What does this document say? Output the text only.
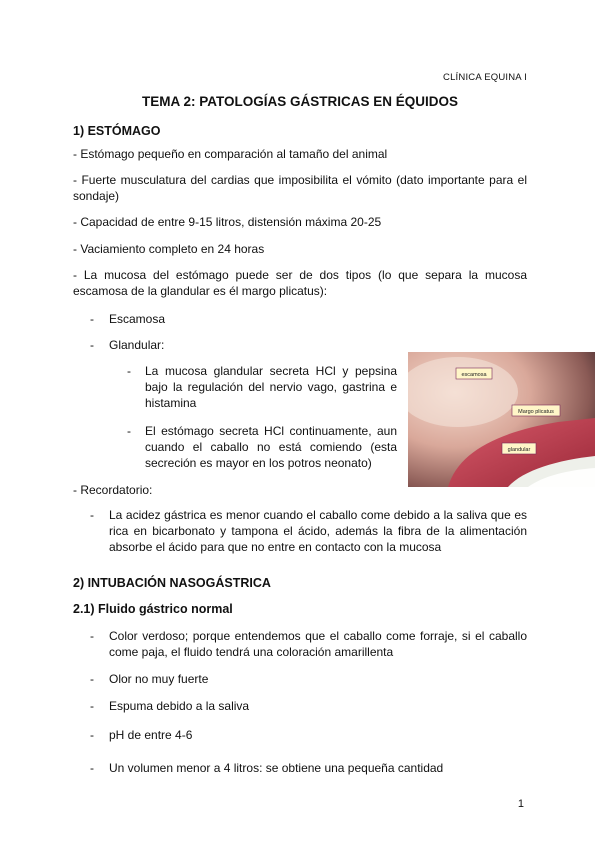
CLÍNICA EQUINA I
TEMA 2: PATOLOGÍAS GÁSTRICAS EN ÉQUIDOS
1) ESTÓMAGO
- Estómago pequeño en comparación al tamaño del animal
- Fuerte musculatura del cardias que imposibilita el vómito (dato importante para el sondaje)
- Capacidad de entre 9-15 litros, distensión máxima 20-25
- Vaciamiento completo en 24 horas
- La mucosa del estómago puede ser de dos tipos (lo que separa la mucosa escamosa de la glandular es él margo plicatus):
- Escamosa
- Glandular:
- La mucosa glandular secreta HCl y pepsina bajo la regulación del nervio vago, gastrina e histamina
- El estómago secreta HCl continuamente, aun cuando el caballo no está comiendo (esta secreción es mayor en los potros neonato)
escamosa
Margo plicatus
glandular
- Recordatorio:
- La acidez gástrica es menor cuando el caballo come debido a la saliva que es rica en bicarbonato y tampona el ácido, además la fibra de la alimentación absorbe el ácido para que no entre en contacto con la mucosa
2) INTUBACIÓN NASOGÁSTRICA
2.1) Fluido gástrico normal
- Color verdoso; porque entendemos que el caballo come forraje, si el caballo come paja, el fluido tendrá una coloración amarillenta
- Olor no muy fuerte
- Espuma debido a la saliva
- pH de entre 4-6
- Un volumen menor a 4 litros: se obtiene una pequeña cantidad
1
